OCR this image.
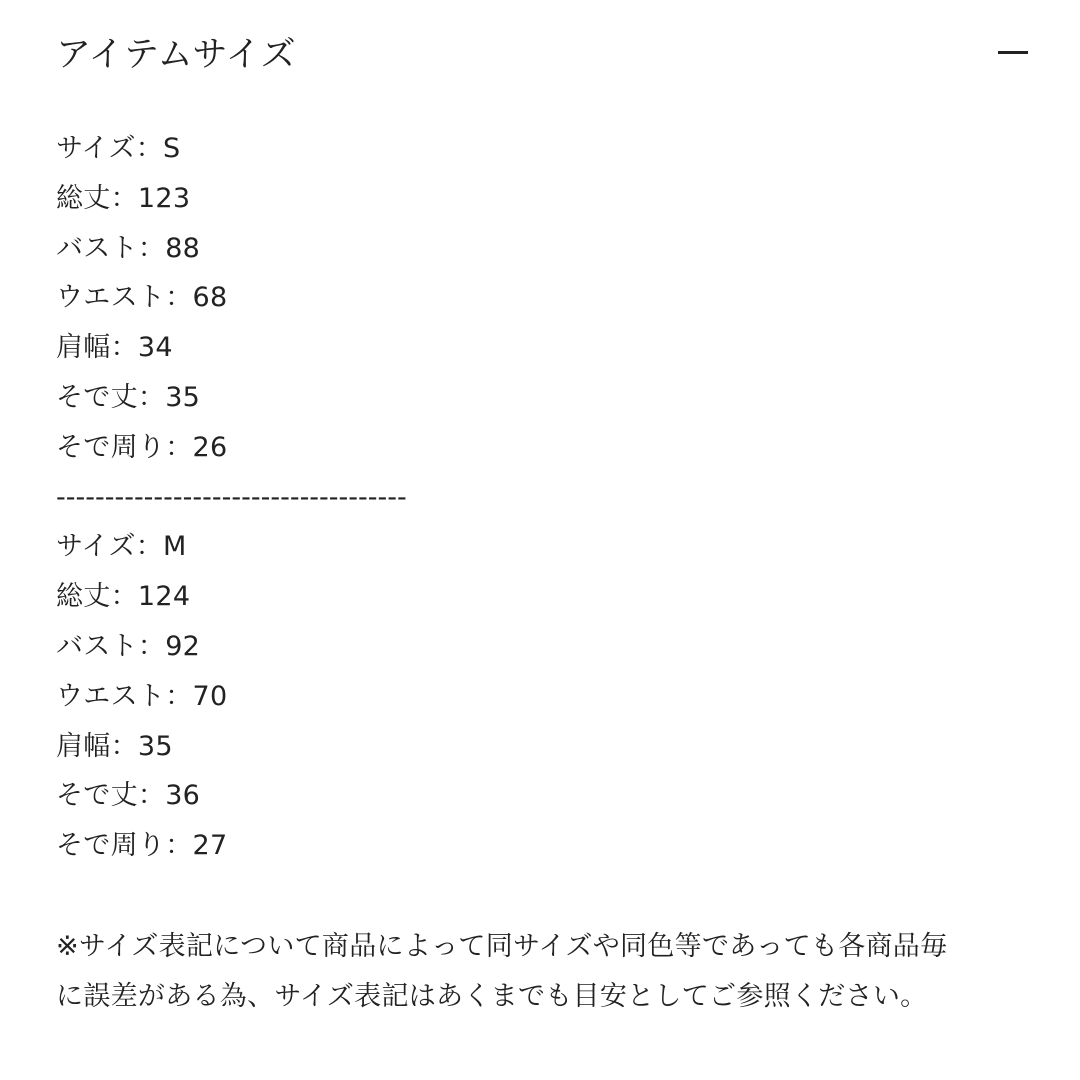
アイテムサイズ
サイズ：S
総丈：123
バスト：88
ウエスト：68
肩幅：34
そで丈：35
そで周り：26
------------------------------------
サイズ：M
総丈：124
バスト：92
ウエスト：70
肩幅：35
そで丈：36
そで周り：27
※サイズ表記について商品によって同サイズや同色等であっても各商品毎に誤差がある為、サイズ表記はあくまでも目安としてご参照ください。
